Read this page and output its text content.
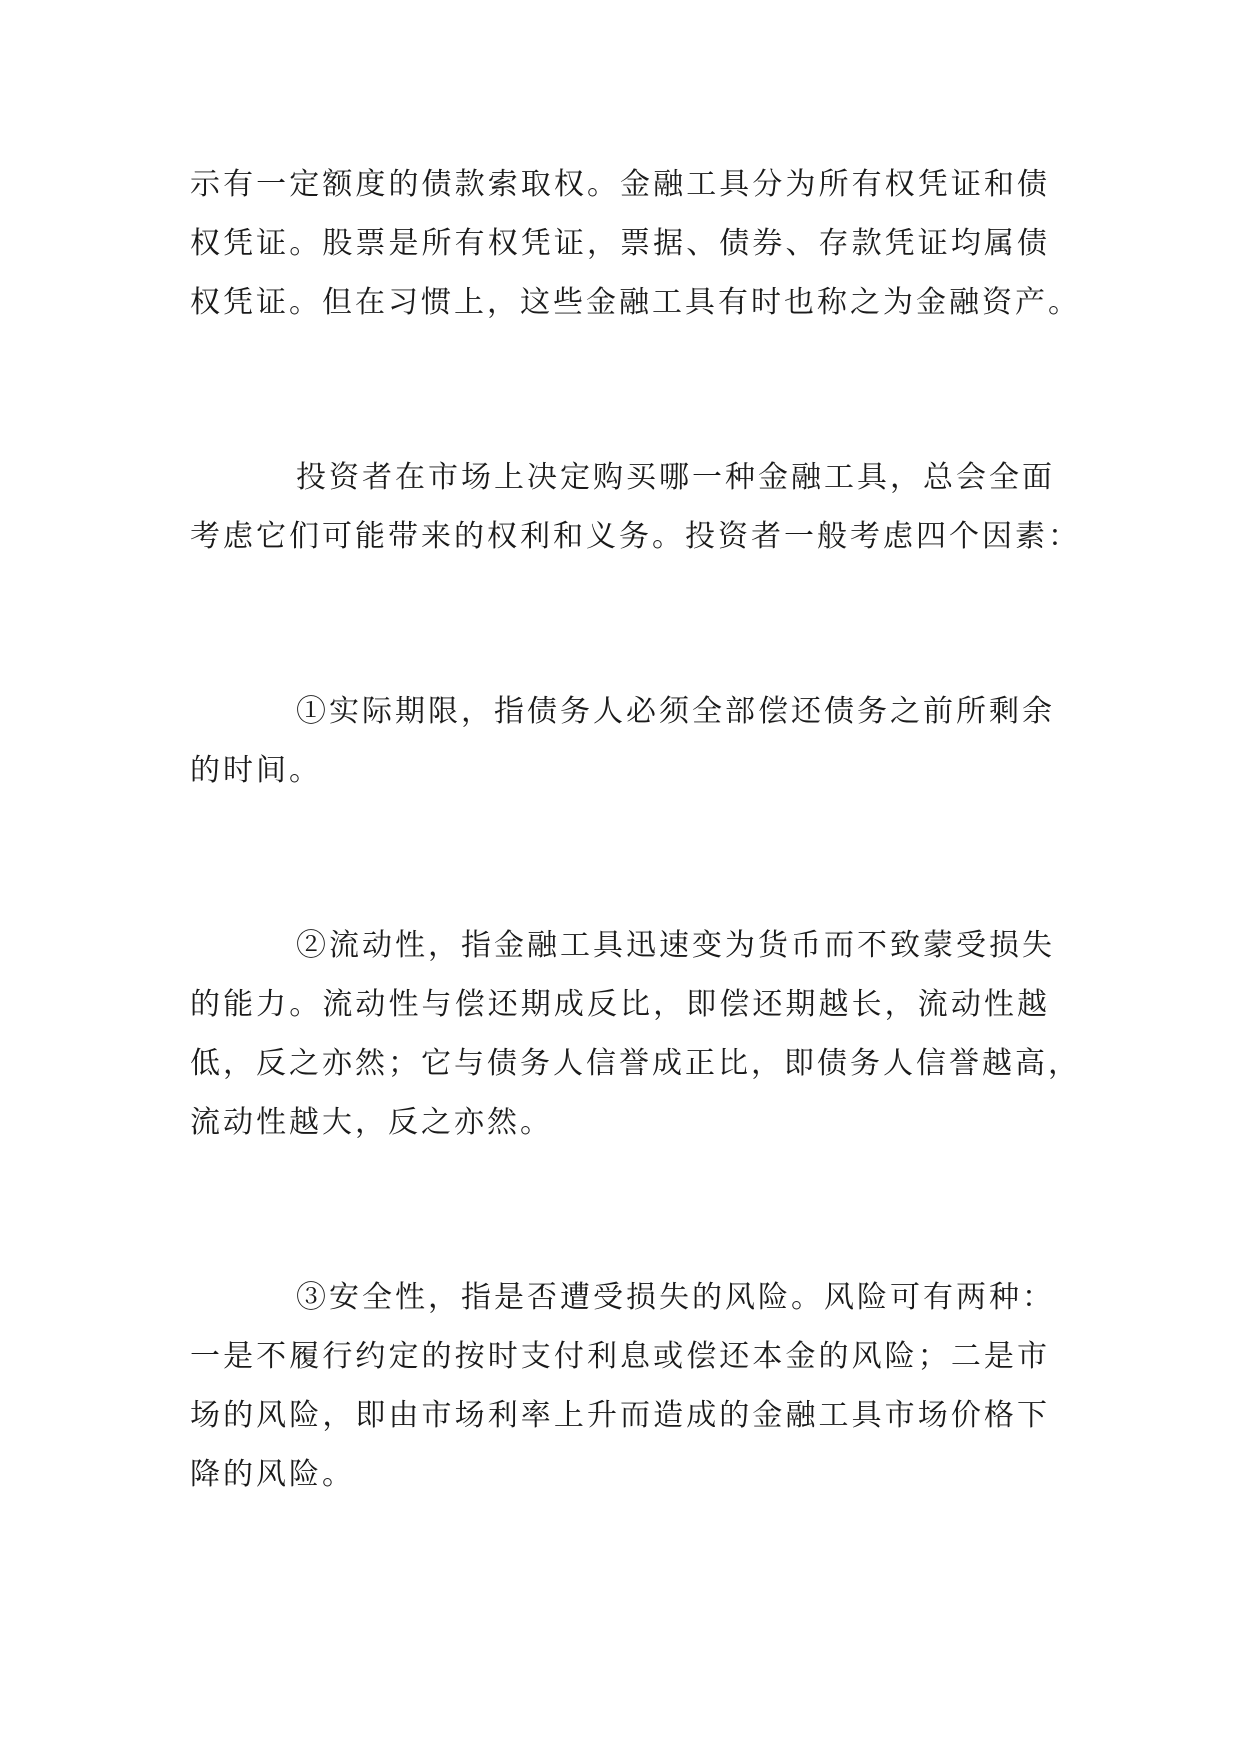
示有一定额度的债款索取权。金融工具分为所有权凭证和债
权凭证。股票是所有权凭证，票据、债券、存款凭证均属债
权凭证。但在习惯上，这些金融工具有时也称之为金融资产。
投资者在市场上决定购买哪一种金融工具，总会全面
考虑它们可能带来的权利和义务。投资者一般考虑四个因素：
①实际期限，指债务人必须全部偿还债务之前所剩余
的时间。
②流动性，指金融工具迅速变为货币而不致蒙受损失
的能力。流动性与偿还期成反比，即偿还期越长，流动性越
低，反之亦然；它与债务人信誉成正比，即债务人信誉越高，
流动性越大，反之亦然。
③安全性，指是否遭受损失的风险。风险可有两种：
一是不履行约定的按时支付利息或偿还本金的风险；二是市
场的风险，即由市场利率上升而造成的金融工具市场价格下
降的风险。
